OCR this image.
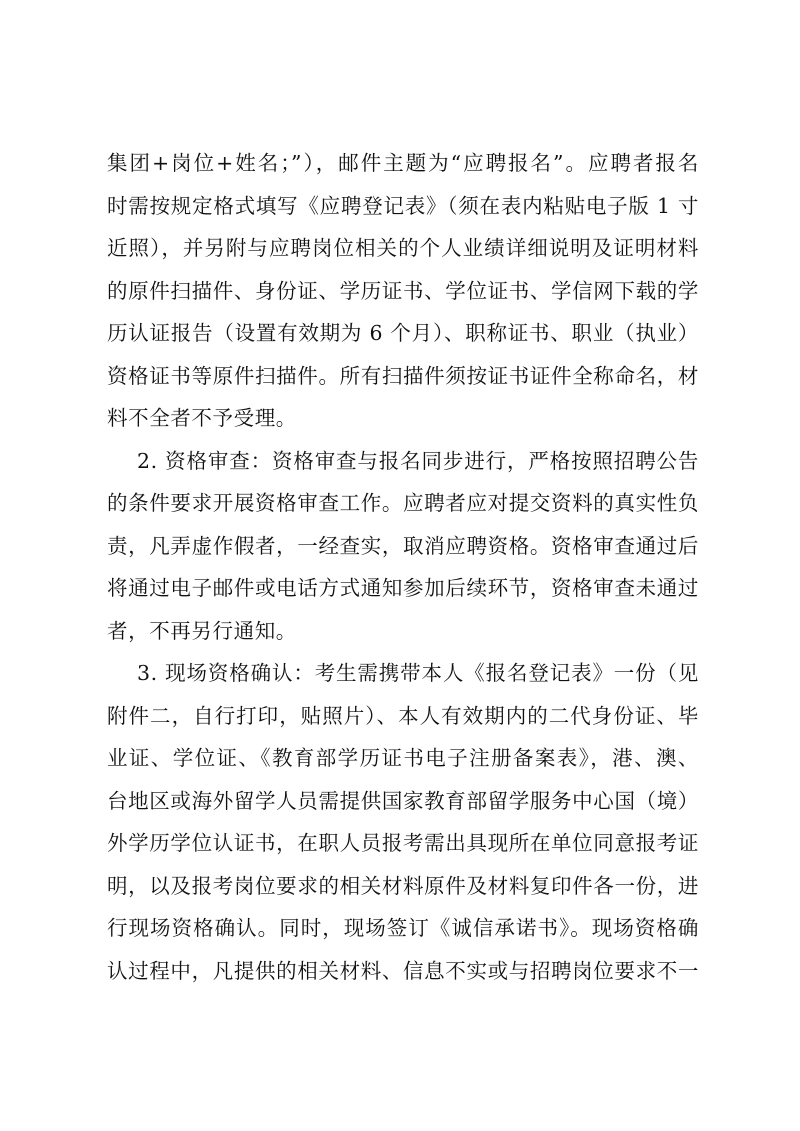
集团+岗位+姓名；”），邮件主题为“应聘报名”。应聘者报名
时需按规定格式填写《应聘登记表》（须在表内粘贴电子版 1 寸
近照），并另附与应聘岗位相关的个人业绩详细说明及证明材料
的原件扫描件、身份证、学历证书、学位证书、学信网下载的学
历认证报告（设置有效期为 6 个月）、职称证书、职业（执业）
资格证书等原件扫描件。所有扫描件须按证书证件全称命名，材
料不全者不予受理。
2. 资格审查：资格审查与报名同步进行，严格按照招聘公告
的条件要求开展资格审查工作。应聘者应对提交资料的真实性负
责，凡弄虚作假者，一经查实，取消应聘资格。资格审查通过后
将通过电子邮件或电话方式通知参加后续环节，资格审查未通过
者，不再另行通知。
3. 现场资格确认：考生需携带本人《报名登记表》一份（见
附件二，自行打印，贴照片）、本人有效期内的二代身份证、毕
业证、学位证、《教育部学历证书电子注册备案表》，港、澳、
台地区或海外留学人员需提供国家教育部留学服务中心国（境）
外学历学位认证书，在职人员报考需出具现所在单位同意报考证
明，以及报考岗位要求的相关材料原件及材料复印件各一份，进
行现场资格确认。同时，现场签订《诚信承诺书》。现场资格确
认过程中，凡提供的相关材料、信息不实或与招聘岗位要求不一
